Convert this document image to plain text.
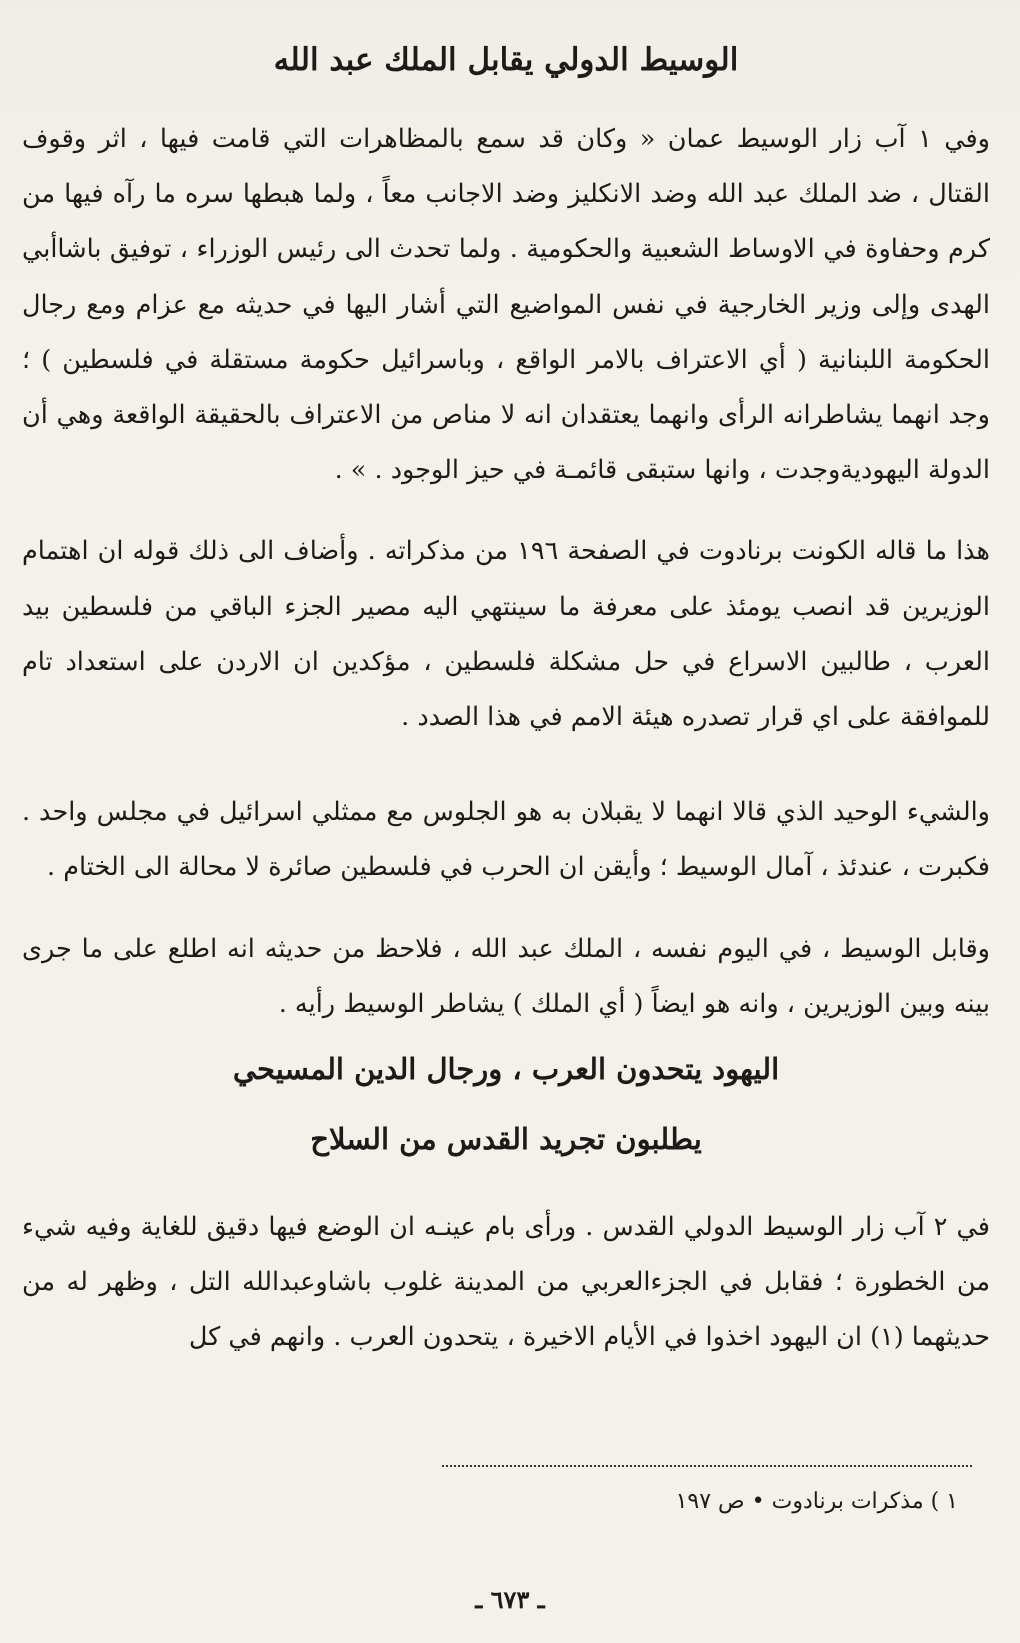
الوسيط الدولي يقابل الملك عبد الله

وفي ١ آب زار الوسيط عمان « وكان قد سمع بالمظاهرات التي قامت فيها ، اثر وقوف القتال ، ضد الملك عبد الله وضد الانكليز وضد الاجانب معاً ، ولما هبطها سره ما رآه فيها من كرم وحفاوة في الاوساط الشعبية والحكومية . ولما تحدث الى رئيس الوزراء ، توفيق باشاأبي الهدى وإلى وزير الخارجية في نفس المواضيع التي أشار اليها في حديثه مع عزام ومع رجال الحكومة اللبنانية ( أي الاعتراف بالامر الواقع ، وباسرائيل حكومة مستقلة في فلسطين ) ؛ وجد انهما يشاطرانه الرأى وانهما يعتقدان انه لا مناص من الاعتراف بالحقيقة الواقعة وهي أن الدولة اليهوديةوجدت ، وانها ستبقى قائمـة في حيز الوجود . » .

هذا ما قاله الكونت برنادوت في الصفحة ١٩٦ من مذكراته . وأضاف الى ذلك قوله ان اهتمام الوزيرين قد انصب يومئذ على معرفة ما سينتهي اليه مصير الجزء الباقي من فلسطين بيد العرب ، طالبين الاسراع في حل مشكلة فلسطين ، مؤكدين ان الاردن على استعداد تام للموافقة على اي قرار تصدره هيئة الامم في هذا الصدد .

والشيء الوحيد الذي قالا انهما لا يقبلان به هو الجلوس مع ممثلي اسرائيل في مجلس واحد . فكبرت ، عندئذ ، آمال الوسيط ؛ وأيقن ان الحرب في فلسطين صائرة لا محالة الى الختام .

وقابل الوسيط ، في اليوم نفسه ، الملك عبد الله ، فلاحظ من حديثه انه اطلع على ما جرى بينه وبين الوزيرين ، وانه هو ايضاً ( أي الملك ) يشاطر الوسيط رأيه .

اليهود يتحدون العرب ، ورجال الدين المسيحي
يطلبون تجريد القدس من السلاح

في ٢ آب زار الوسيط الدولي القدس . ورأى بام عينـه ان الوضع فيها دقيق للغاية وفيه شيء من الخطورة ؛ فقابل في الجزءالعربي من المدينة غلوب باشاوعبدالله التل ، وظهر له من حديثهما (١) ان اليهود اخذوا في الأيام الاخيرة ، يتحدون العرب . وانهم في كل

١ ) مذكرات برنادوت • ص ١٩٧
ـ ٦٧٣ ـ
